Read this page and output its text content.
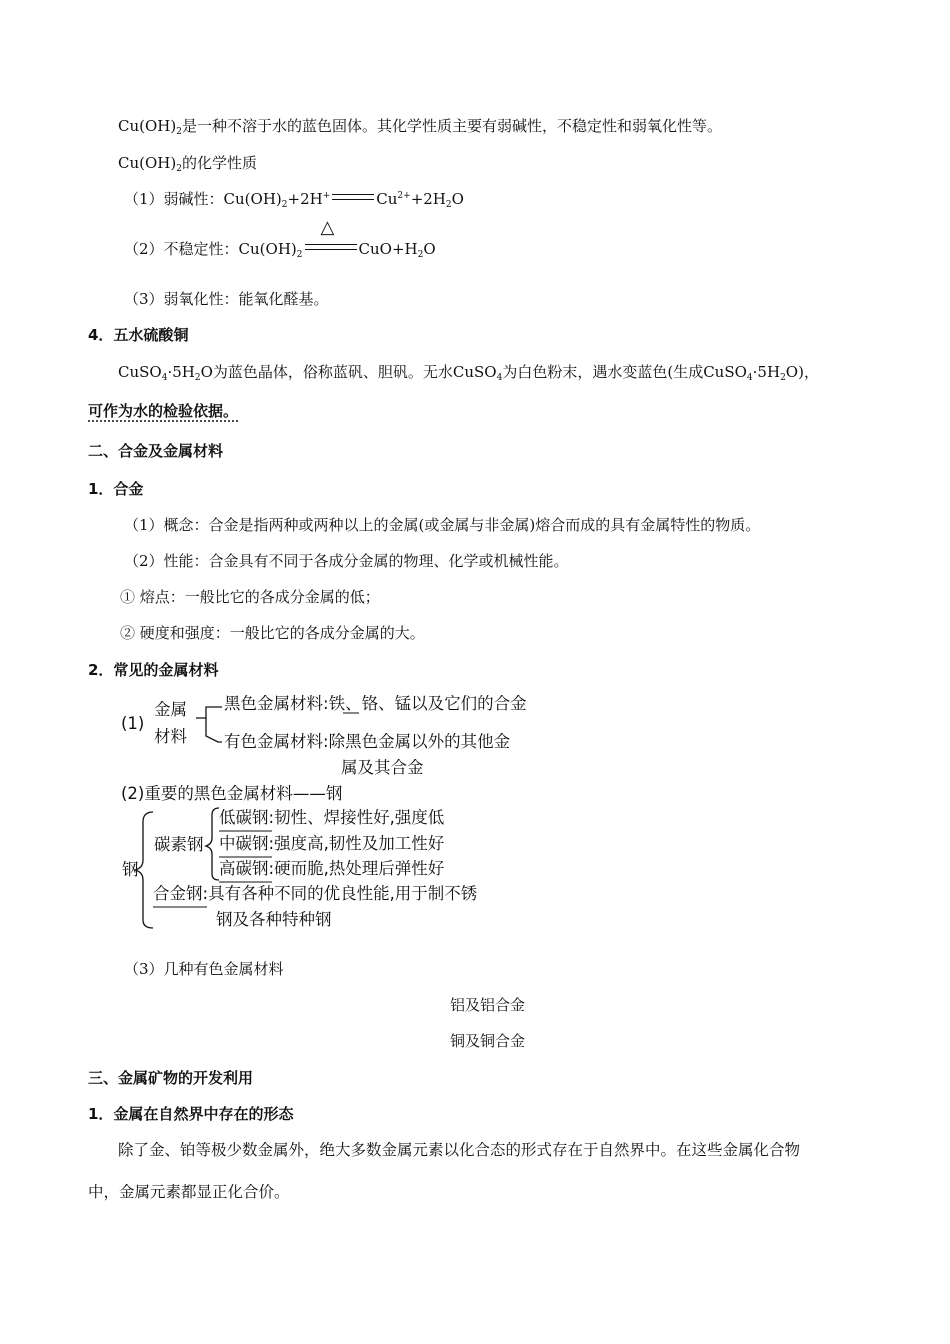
$Cu(OH)_2$是一种不溶于水的蓝色固体。其化学性质主要有弱碱性，不稳定性和弱氧化性等。
$Cu(OH)_2$的化学性质
（1）弱碱性：$Cu(OH)_2+2H^+$	$Cu^{2+}+2H_2O$
（2）不稳定性：$Cu(OH)_2$
△
$CuO+H_2O$
（3）弱氧化性：能氧化醛基。
4．五水硫酸铜
$CuSO_4\cdot 5H_2O$为蓝色晶体，俗称蓝矾、胆矾。无水CuSO$_4$为白色粉末，遇水变蓝色(生成$CuSO_4\cdot 5H_2O$)，
可作为水的检验依据。
二、合金及金属材料
1．合金
（1）概念：合金是指两种或两种以上的金属(或金属与非金属)熔合而成的具有金属特性的物质。
（2）性能：合金具有不同于各成分金属的物理、化学或机械性能。
① 熔点：一般比它的各成分金属的低；
② 硬度和强度：一般比它的各成分金属的大。
2．常见的金属材料
(1)
金属
材料
黑色金属材料:铁、铬、锰以及它们的合金
有色金属材料:除黑色金属以外的其他金
属及其合金
(2)重要的黑色金属材料——钢
钢
碳素钢
低碳钢:韧性、焊接性好,强度低
中碳钢:强度高,韧性及加工性好
高碳钢:硬而脆,热处理后弹性好
合金钢:具有各种不同的优良性能,用于制不锈
钢及各种特种钢
（3）几种有色金属材料
铝及铝合金
铜及铜合金
三、金属矿物的开发利用
1．金属在自然界中存在的形态
除了金、铂等极少数金属外，绝大多数金属元素以化合态的形式存在于自然界中。在这些金属化合物
中，金属元素都显正化合价。
